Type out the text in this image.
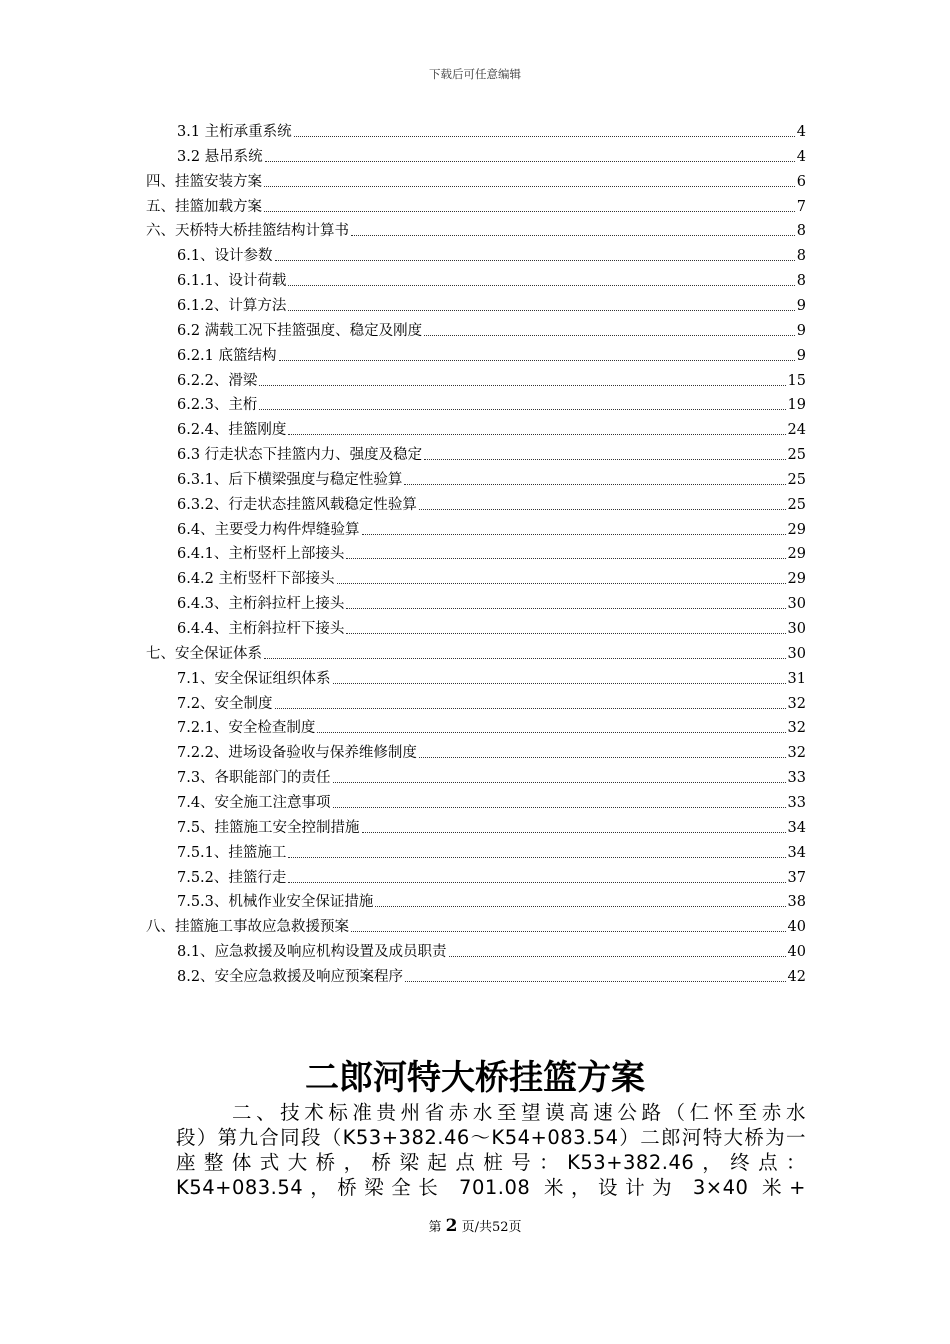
下载后可任意编辑
3.1 主桁承重系统	4
3.2 悬吊系统	4
四、挂篮安装方案	6
五、挂篮加载方案	7
六、天桥特大桥挂篮结构计算书	8
6.1、设计参数	8
6.1.1、设计荷载	8
6.1.2、计算方法	9
6.2 满载工况下挂篮强度、稳定及刚度	9
6.2.1 底篮结构	9
6.2.2、滑梁	15
6.2.3、主桁	19
6.2.4、挂篮刚度	24
6.3 行走状态下挂篮内力、强度及稳定	25
6.3.1、后下横梁强度与稳定性验算	25
6.3.2、行走状态挂篮风载稳定性验算	25
6.4、主要受力构件焊缝验算	29
6.4.1、主桁竖杆上部接头	29
6.4.2 主桁竖杆下部接头	29
6.4.3、主桁斜拉杆上接头	30
6.4.4、主桁斜拉杆下接头	30
七、安全保证体系	30
7.1、安全保证组织体系	31
7.2、安全制度	32
7.2.1、安全检查制度	32
7.2.2、进场设备验收与保养维修制度	32
7.3、各职能部门的责任	33
7.4、安全施工注意事项	33
7.5、挂篮施工安全控制措施	34
7.5.1、挂篮施工	34
7.5.2、挂篮行走	37
7.5.3、机械作业安全保证措施	38
八、挂篮施工事故应急救援预案	40
8.1、应急救援及响应机构设置及成员职责	40
8.2、安全应急救援及响应预案程序	42
二郎河特大桥挂篮方案
二、技术标准贵州省赤水至望谟高速公路（仁怀至赤水
段）第九合同段（K53+382.46～K54+083.54）二郎河特大桥为一
座整体式大桥，桥梁起点桩号：K53+382.46，终点：
K54+083.54，桥梁全长 701.08 米，设计为 3×40 米+
第 2 页/共52页
